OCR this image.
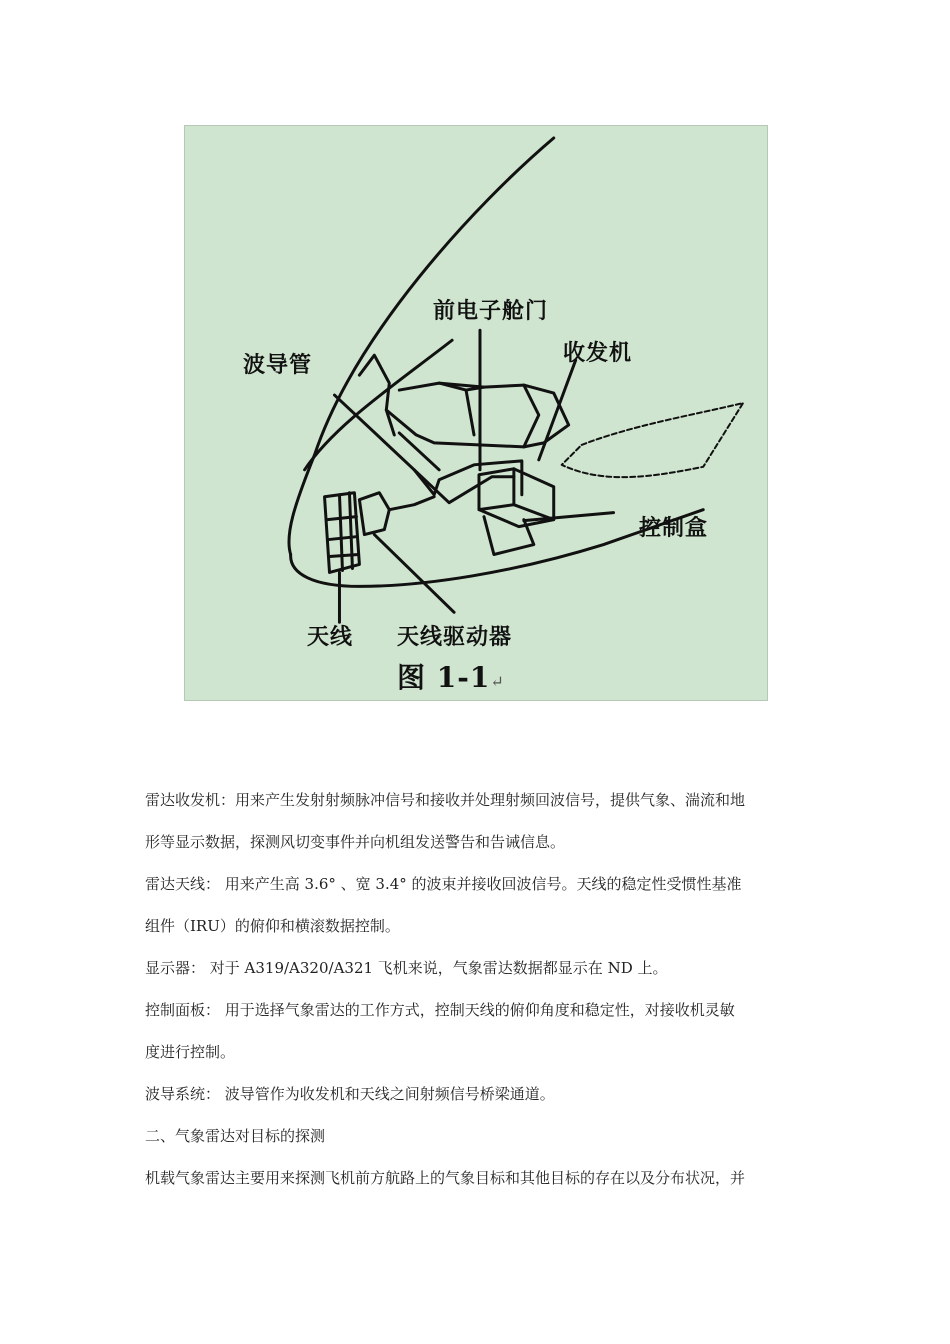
前电子舱门
收发机
波导管
控制盒
天线 天线驱动器
图 1-1↵
雷达收发机：用来产生发射射频脉冲信号和接收并处理射频回波信号，提供气象、湍流和地
形等显示数据，探测风切变事件并向机组发送警告和告诫信息。
雷达天线： 用来产生高 3.6° 、宽 3.4° 的波束并接收回波信号。天线的稳定性受惯性基准
组件（IRU）的俯仰和横滚数据控制。
显示器： 对于 A319/A320/A321 飞机来说，气象雷达数据都显示在 ND 上。
控制面板： 用于选择气象雷达的工作方式，控制天线的俯仰角度和稳定性，对接收机灵敏
度进行控制。
波导系统： 波导管作为收发机和天线之间射频信号桥梁通道。
二、气象雷达对目标的探测
机载气象雷达主要用来探测飞机前方航路上的气象目标和其他目标的存在以及分布状况，并
